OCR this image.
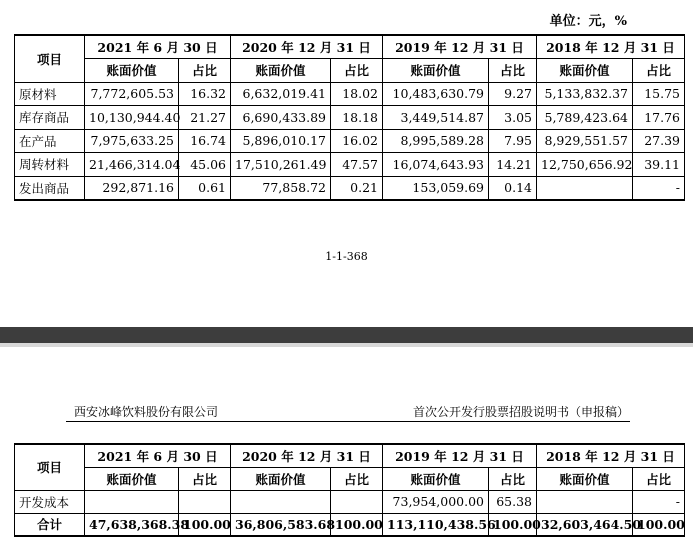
单位：元，%
项目	2021 年 6 月 30 日		2020 年 12 月 31 日		2019 年 12 月 31 日		2018 年 12 月 31 日	
	账面价值	占比	账面价值	占比	账面价值	占比	账面价值	占比
原材料	7,772,605.53	16.32	6,632,019.41	18.02	10,483,630.79	9.27	5,133,832.37	15.75
库存商品	10,130,944.40	21.27	6,690,433.89	18.18	3,449,514.87	3.05	5,789,423.64	17.76
在产品	7,975,633.25	16.74	5,896,010.17	16.02	8,995,589.28	7.95	8,929,551.57	27.39
周转材料	21,466,314.04	45.06	17,510,261.49	47.57	16,074,643.93	14.21	12,750,656.92	39.11
发出商品	292,871.16	0.61	77,858.72	0.21	153,059.69	0.14		-
1-1-368
西安冰峰饮料股份有限公司	首次公开发行股票招股说明书（申报稿）
项目	2021 年 6 月 30 日		2020 年 12 月 31 日		2019 年 12 月 31 日		2018 年 12 月 31 日	
	账面价值	占比	账面价值	占比	账面价值	占比	账面价值	占比
开发成本					73,954,000.00	65.38		-
合计	47,638,368.38	100.00	36,806,583.68	100.00	113,110,438.56	100.00	32,603,464.50	100.00
